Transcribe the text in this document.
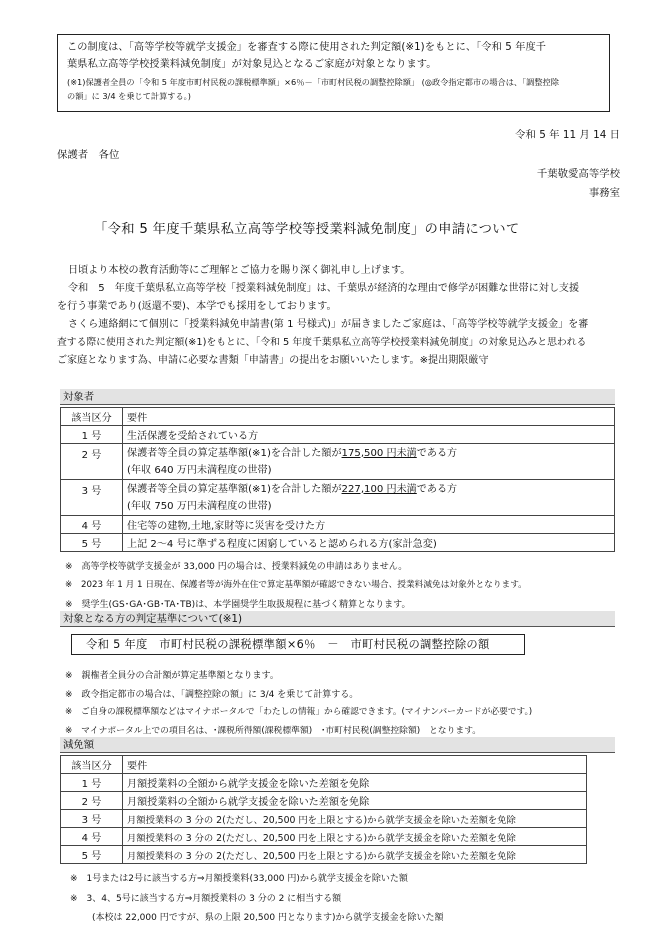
この制度は、「高等学校等就学支援金」を審査する際に使用された判定額(※1)をもとに、「令和 5 年度千
葉県私立高等学校授業料減免制度」が対象見込となるご家庭が対象となります。
(※1)保護者全員の「令和 5 年度市町村民税の課税標準額」×6％－「市町村民税の調整控除額」 (◎政令指定都市の場合は、「調整控除
の額」に 3/4 を乗じて計算する。)
令和 5 年 11 月 14 日
保護者　各位
千葉敬愛高等学校
事務室
「令和 5 年度千葉県私立高等学校等授業料減免制度」の申請について
日頃より本校の教育活動等にご理解とご協力を賜り深く御礼申し上げます。
令和　5　年度千葉県私立高等学校「授業料減免制度」は、千葉県が経済的な理由で修学が困難な世帯に対し支援
を行う事業であり(返還不要)、本学でも採用をしております。
さくら連絡網にて個別に「授業料減免申請書(第 1 号様式)」が届きましたご家庭は、「高等学校等就学支援金」を審
査する際に使用された判定額(※1)をもとに、「令和 5 年度千葉県私立高等学校授業料減免制度」の対象見込みと思われる
ご家庭となります為、申請に必要な書類「申請書」の提出をお願いいたします。※提出期限厳守
対象者
該当区分	要件
1 号	生活保護を受給されている方
2 号	保護者等全員の算定基準額(※1)を合計した額が175,500 円未満である方
(年収 640 万円未満程度の世帯)
3 号	保護者等全員の算定基準額(※1)を合計した額が227,100 円未満である方
(年収 750 万円未満程度の世帯)
4 号	住宅等の建物,土地,家財等に災害を受けた方
5 号	上記 2～4 号に準ずる程度に困窮していると認められる方(家計急変)
※　高等学校等就学支援金が 33,000 円の場合は、授業料減免の申請はありません。
※　2023 年 1 月 1 日現在、保護者等が海外在住で算定基準額が確認できない場合、授業料減免は対象外となります。
※　奨学生(GS･GA･GB･TA･TB)は、本学園奨学生取扱規程に基づく精算となります。
対象となる方の判定基準について(※1)
令和 5 年度　市町村民税の課税標準額×6％　－　市町村民税の調整控除の額
※　親権者全員分の合計額が算定基準額となります。
※　政令指定都市の場合は、「調整控除の額」に 3/4 を乗じて計算する。
※　ご自身の課税標準額などはマイナポータルで「わたしの情報」から確認できます。(マイナンバーカードが必要です。)
※　マイナポータル上での項目名は、･課税所得額(課税標準額)　･市町村民税(調整控除額)　となります。
減免額
該当区分	要件
1 号	月額授業料の全額から就学支援金を除いた差額を免除
2 号	月額授業料の全額から就学支援金を除いた差額を免除
3 号	月額授業料の 3 分の 2(ただし、20,500 円を上限とする)から就学支援金を除いた差額を免除
4 号	月額授業料の 3 分の 2(ただし、20,500 円を上限とする)から就学支援金を除いた差額を免除
5 号	月額授業料の 3 分の 2(ただし、20,500 円を上限とする)から就学支援金を除いた差額を免除
※　1号または2号に該当する方⇒月額授業料(33,000 円)から就学支援金を除いた額
※　3、4、5号に該当する方⇒月額授業料の 3 分の 2 に相当する額
(本校は 22,000 円ですが、県の上限 20,500 円となります)から就学支援金を除いた額
